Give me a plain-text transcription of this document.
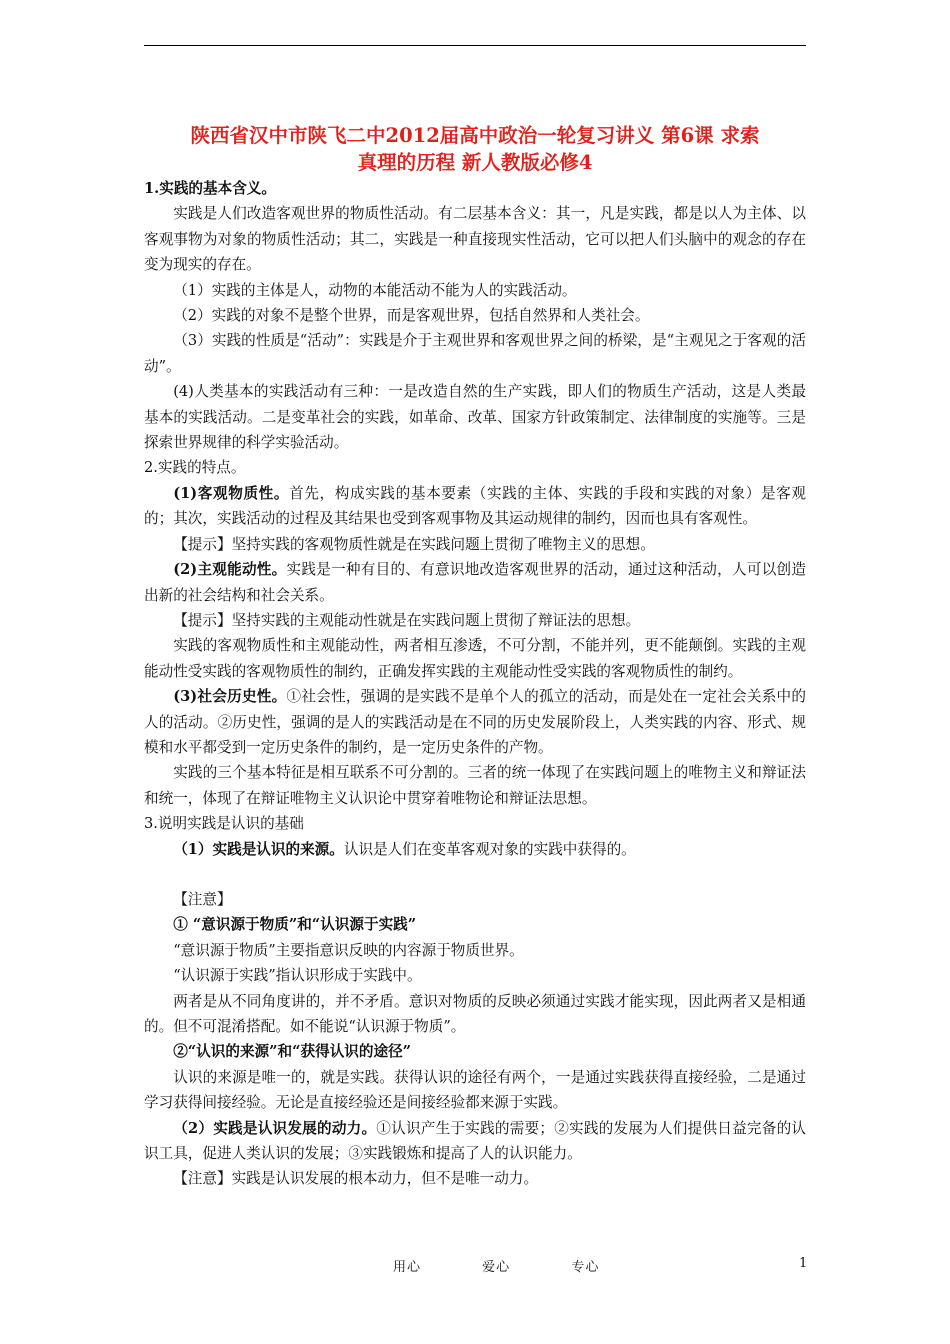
陕西省汉中市陕飞二中2012届高中政治一轮复习讲义 第6课 求索
真理的历程 新人教版必修4

1.实践的基本含义。

实践是人们改造客观世界的物质性活动。有二层基本含义：其一，凡是实践，都是以人为主体、以客观事物为对象的物质性活动；其二，实践是一种直接现实性活动，它可以把人们头脑中的观念的存在变为现实的存在。

（1）实践的主体是人，动物的本能活动不能为人的实践活动。

（2）实践的对象不是整个世界，而是客观世界，包括自然界和人类社会。

（3）实践的性质是“活动”：实践是介于主观世界和客观世界之间的桥梁，是“主观见之于客观的活动”。

(4)人类基本的实践活动有三种：一是改造自然的生产实践，即人们的物质生产活动，这是人类最基本的实践活动。二是变革社会的实践，如革命、改革、国家方针政策制定、法律制度的实施等。三是探索世界规律的科学实验活动。

2.实践的特点。

(1)客观物质性。首先，构成实践的基本要素（实践的主体、实践的手段和实践的对象）是客观的；其次，实践活动的过程及其结果也受到客观事物及其运动规律的制约，因而也具有客观性。

【提示】坚持实践的客观物质性就是在实践问题上贯彻了唯物主义的思想。

(2)主观能动性。实践是一种有目的、有意识地改造客观世界的活动，通过这种活动，人可以创造出新的社会结构和社会关系。

【提示】坚持实践的主观能动性就是在实践问题上贯彻了辩证法的思想。

实践的客观物质性和主观能动性，两者相互渗透，不可分割，不能并列，更不能颠倒。实践的主观能动性受实践的客观物质性的制约，正确发挥实践的主观能动性受实践的客观物质性的制约。

(3)社会历史性。①社会性，强调的是实践不是单个人的孤立的活动，而是处在一定社会关系中的人的活动。②历史性，强调的是人的实践活动是在不同的历史发展阶段上，人类实践的内容、形式、规模和水平都受到一定历史条件的制约，是一定历史条件的产物。

实践的三个基本特征是相互联系不可分割的。三者的统一体现了在实践问题上的唯物主义和辩证法和统一，体现了在辩证唯物主义认识论中贯穿着唯物论和辩证法思想。

3.说明实践是认识的基础

（1）实践是认识的来源。认识是人们在变革客观对象的实践中获得的。

【注意】

① “意识源于物质”和“认识源于实践”

“意识源于物质”主要指意识反映的内容源于物质世界。

“认识源于实践”指认识形成于实践中。

两者是从不同角度讲的，并不矛盾。意识对物质的反映必须通过实践才能实现，因此两者又是相通的。但不可混淆搭配。如不能说“认识源于物质”。

②“认识的来源”和“获得认识的途径”

认识的来源是唯一的，就是实践。获得认识的途径有两个，一是通过实践获得直接经验，二是通过学习获得间接经验。无论是直接经验还是间接经验都来源于实践。

（2）实践是认识发展的动力。①认识产生于实践的需要；②实践的发展为人们提供日益完备的认识工具，促进人类认识的发展；③实践锻炼和提高了人的认识能力。

【注意】实践是认识发展的根本动力，但不是唯一动力。

用心	爱心	专心	1
